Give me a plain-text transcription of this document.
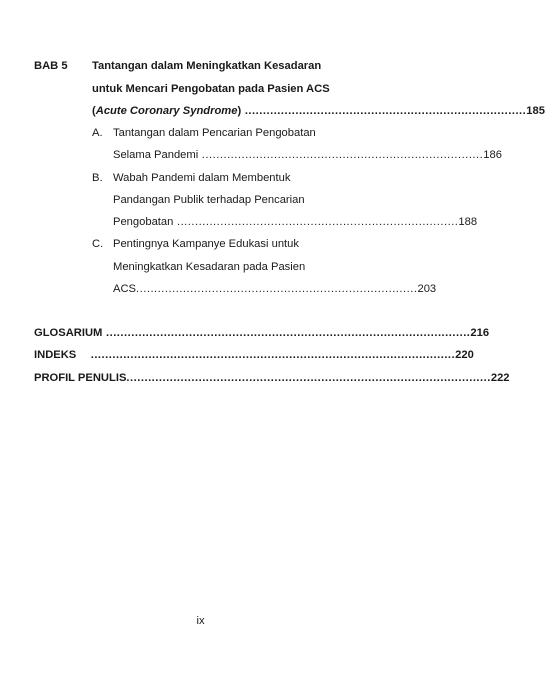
BAB 5 Tantangan dalam Meningkatkan Kesadaran
untuk Mencari Pengobatan pada Pasien ACS
(Acute Coronary Syndrome) .............................................................................. 185
A. Tantangan dalam Pencarian Pengobatan
Selama Pandemi .............................................................................. 186
B. Wabah Pandemi dalam Membentuk
Pandangan Publik terhadap Pencarian
Pengobatan .............................................................................. 188
C. Pentingnya Kampanye Edukasi untuk
Meningkatkan Kesadaran pada Pasien
ACS .............................................................................. 203
GLOSARIUM ..................................................................................................... 216
INDEKS ..................................................................................................... 220
PROFIL PENULIS ..................................................................................................... 222
ix
